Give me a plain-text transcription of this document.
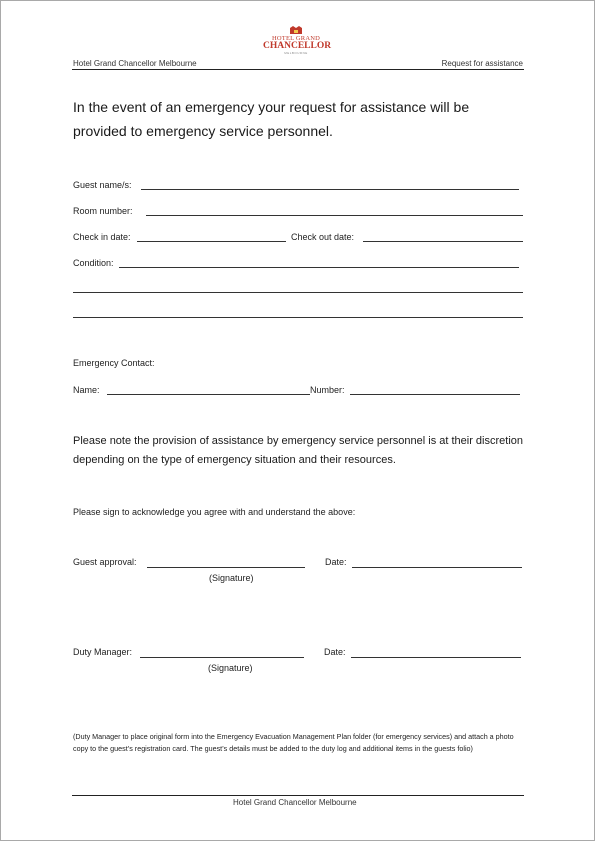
Hotel Grand Chancellor Melbourne
HOTEL GRAND
CHANCELLOR
MELBOURNE
Request for assistance
In the event of an emergency your request for assistance will be provided to emergency service personnel.
Guest name/s:
Room number:
Check in date:	Check out date:
Condition:
Emergency Contact:
Name:	Number:
Please note the provision of assistance by emergency service personnel is at their discretion depending on the type of emergency situation and their resources.
Please sign to acknowledge you agree with and understand the above:
Guest approval:
(Signature)
Date:
Duty Manager:
(Signature)
Date:
(Duty Manager to place original form into the Emergency Evacuation Management Plan folder (for emergency services) and attach a photo copy to the guest’s registration card. The guest’s details must be added to the duty log and additional items in the guests folio)
Hotel Grand Chancellor Melbourne
